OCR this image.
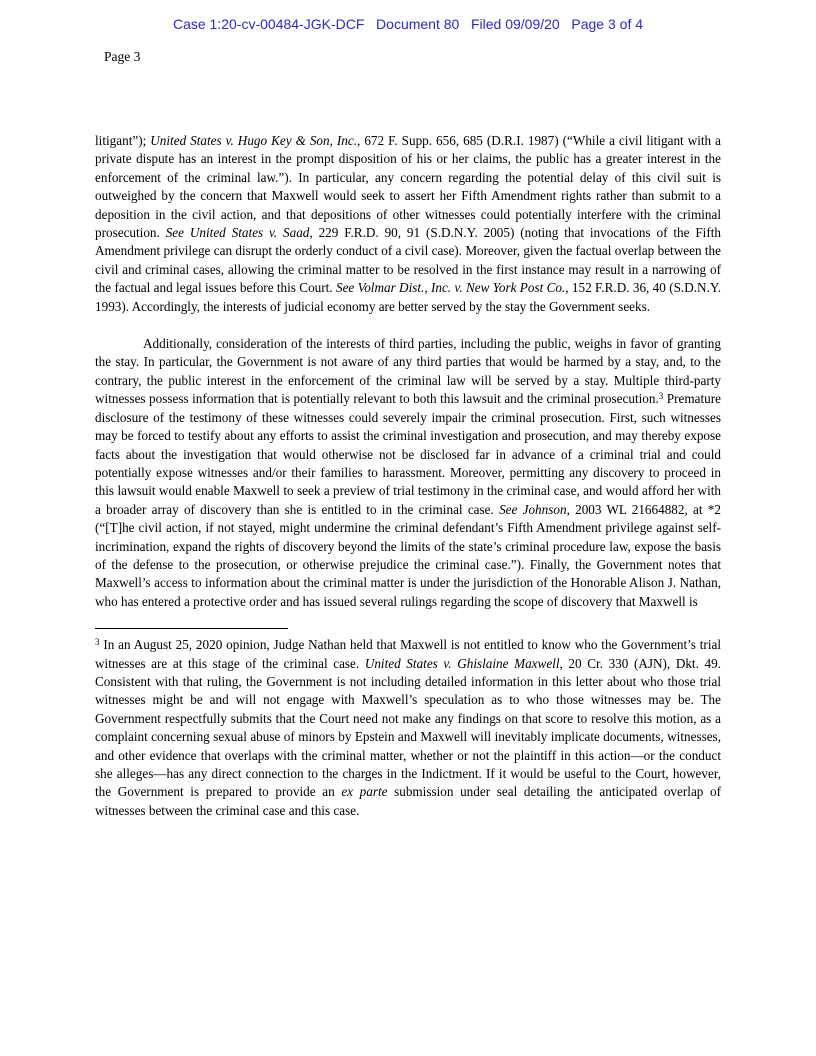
Case 1:20-cv-00484-JGK-DCF   Document 80   Filed 09/09/20   Page 3 of 4
Page 3

litigant”); United States v. Hugo Key & Son, Inc., 672 F. Supp. 656, 685 (D.R.I. 1987) (“While a civil litigant with a private dispute has an interest in the prompt disposition of his or her claims, the public has a greater interest in the enforcement of the criminal law.”). In particular, any concern regarding the potential delay of this civil suit is outweighed by the concern that Maxwell would seek to assert her Fifth Amendment rights rather than submit to a deposition in the civil action, and that depositions of other witnesses could potentially interfere with the criminal prosecution. See United States v. Saad, 229 F.R.D. 90, 91 (S.D.N.Y. 2005) (noting that invocations of the Fifth Amendment privilege can disrupt the orderly conduct of a civil case). Moreover, given the factual overlap between the civil and criminal cases, allowing the criminal matter to be resolved in the first instance may result in a narrowing of the factual and legal issues before this Court. See Volmar Dist., Inc. v. New York Post Co., 152 F.R.D. 36, 40 (S.D.N.Y. 1993). Accordingly, the interests of judicial economy are better served by the stay the Government seeks.

Additionally, consideration of the interests of third parties, including the public, weighs in favor of granting the stay. In particular, the Government is not aware of any third parties that would be harmed by a stay, and, to the contrary, the public interest in the enforcement of the criminal law will be served by a stay. Multiple third-party witnesses possess information that is potentially relevant to both this lawsuit and the criminal prosecution.$^3$ Premature disclosure of the testimony of these witnesses could severely impair the criminal prosecution. First, such witnesses may be forced to testify about any efforts to assist the criminal investigation and prosecution, and may thereby expose facts about the investigation that would otherwise not be disclosed far in advance of a criminal trial and could potentially expose witnesses and/or their families to harassment. Moreover, permitting any discovery to proceed in this lawsuit would enable Maxwell to seek a preview of trial testimony in the criminal case, and would afford her with a broader array of discovery than she is entitled to in the criminal case. See Johnson, 2003 WL 21664882, at *2 (“[T]he civil action, if not stayed, might undermine the criminal defendant’s Fifth Amendment privilege against self-incrimination, expand the rights of discovery beyond the limits of the state’s criminal procedure law, expose the basis of the defense to the prosecution, or otherwise prejudice the criminal case.”). Finally, the Government notes that Maxwell’s access to information about the criminal matter is under the jurisdiction of the Honorable Alison J. Nathan, who has entered a protective order and has issued several rulings regarding the scope of discovery that Maxwell is

$^3$ In an August 25, 2020 opinion, Judge Nathan held that Maxwell is not entitled to know who the Government’s trial witnesses are at this stage of the criminal case. United States v. Ghislaine Maxwell, 20 Cr. 330 (AJN), Dkt. 49. Consistent with that ruling, the Government is not including detailed information in this letter about who those trial witnesses might be and will not engage with Maxwell’s speculation as to who those witnesses may be. The Government respectfully submits that the Court need not make any findings on that score to resolve this motion, as a complaint concerning sexual abuse of minors by Epstein and Maxwell will inevitably implicate documents, witnesses, and other evidence that overlaps with the criminal matter, whether or not the plaintiff in this action—or the conduct she alleges—has any direct connection to the charges in the Indictment. If it would be useful to the Court, however, the Government is prepared to provide an ex parte submission under seal detailing the anticipated overlap of witnesses between the criminal case and this case.
